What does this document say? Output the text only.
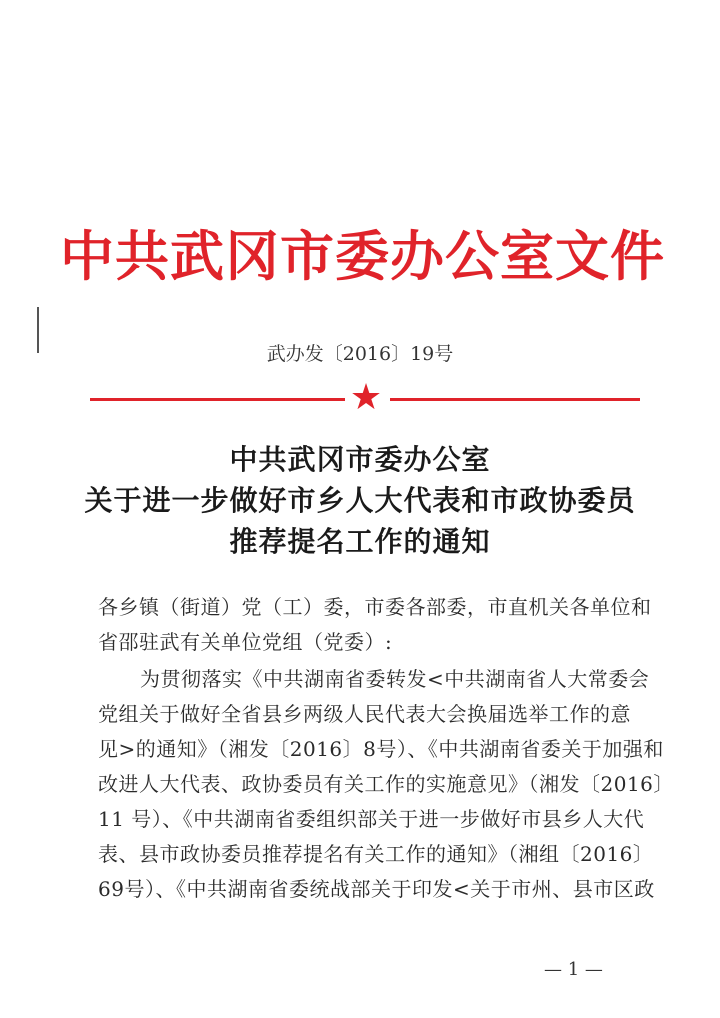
中共武冈市委办公室文件
武办发〔2016〕19号
★
中共武冈市委办公室
关于进一步做好市乡人大代表和市政协委员
推荐提名工作的通知
各乡镇（街道）党（工）委，市委各部委，市直机关各单位和
省邵驻武有关单位党组（党委）:
为贯彻落实《中共湖南省委转发<中共湖南省人大常委会
党组关于做好全省县乡两级人民代表大会换届选举工作的意
见>的通知》（湘发〔2016〕8号）、《中共湖南省委关于加强和
改进人大代表、政协委员有关工作的实施意见》（湘发〔2016〕
11 号）、《中共湖南省委组织部关于进一步做好市县乡人大代
表、县市政协委员推荐提名有关工作的通知》（湘组〔2016〕
69号）、《中共湖南省委统战部关于印发<关于市州、县市区政
— 1 —
